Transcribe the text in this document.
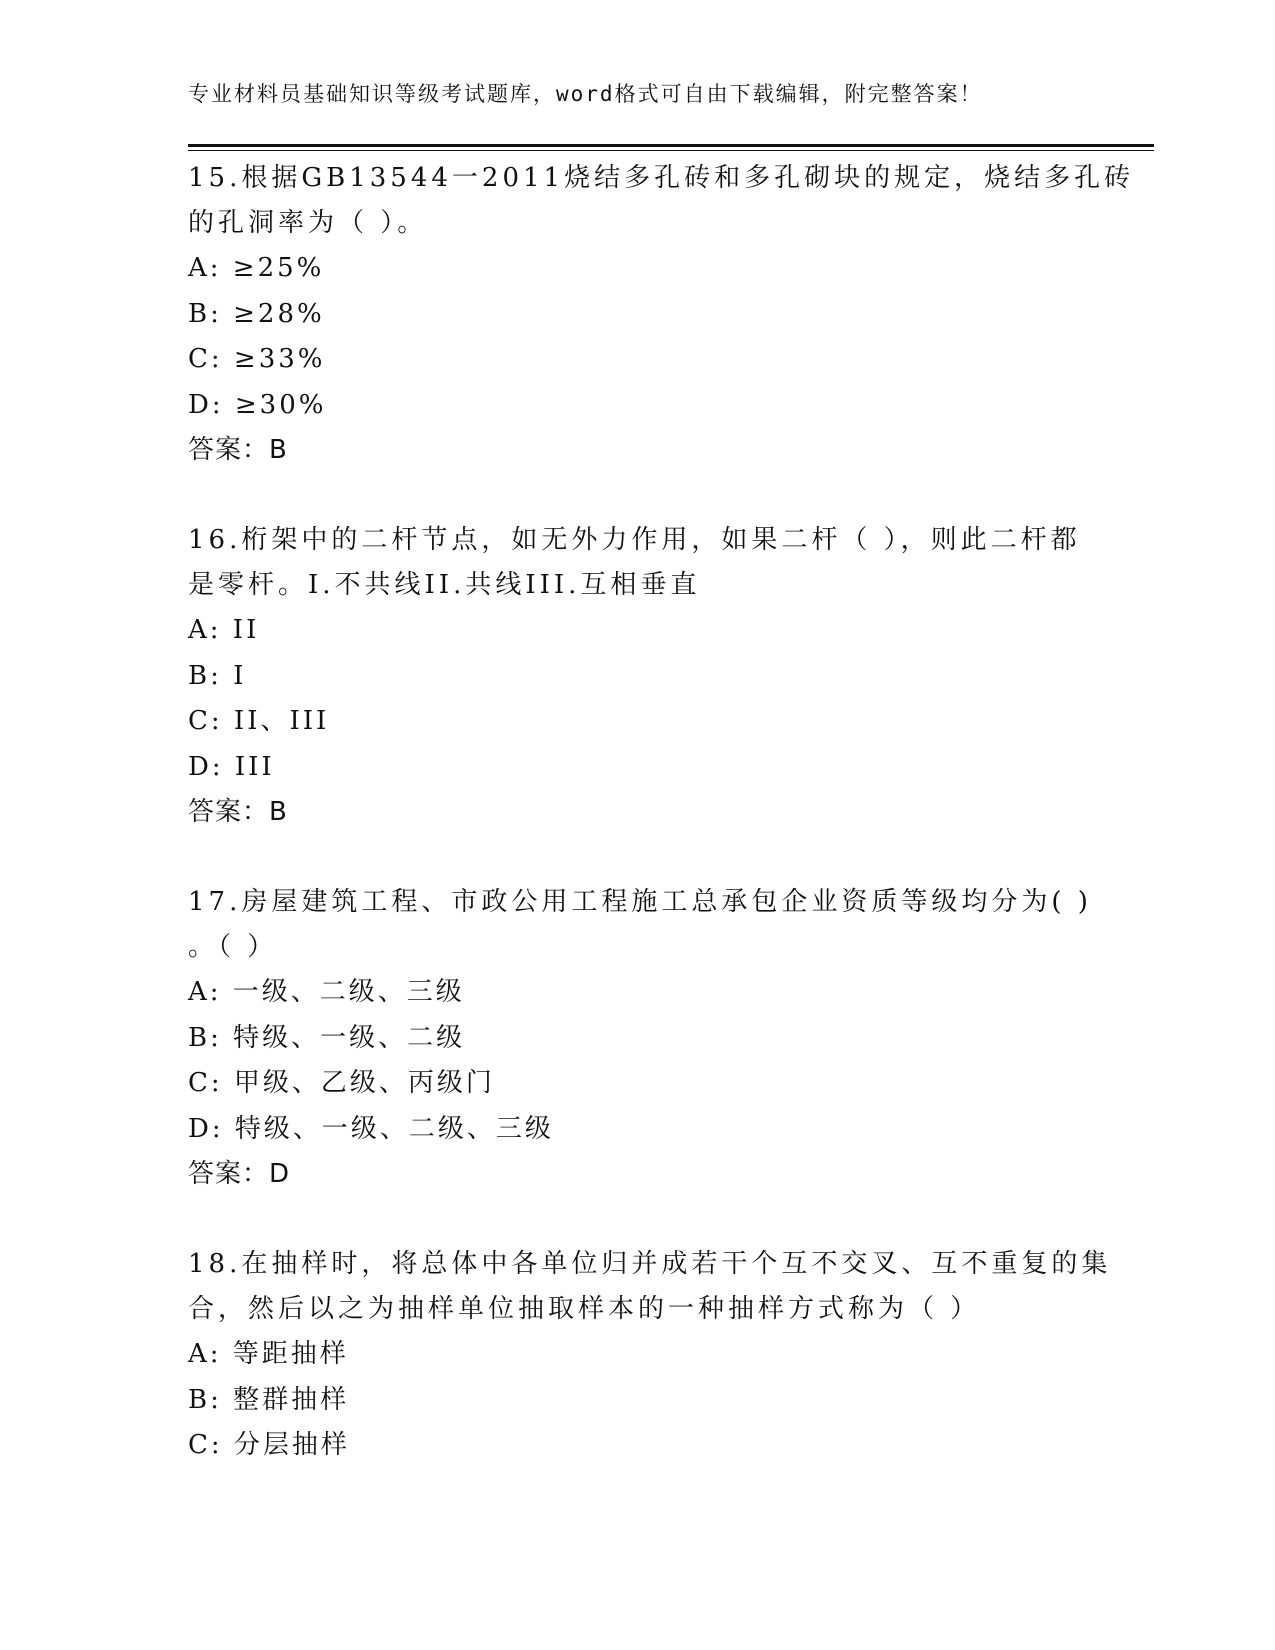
专业材料员基础知识等级考试题库，word格式可自由下载编辑，附完整答案！
15.根据GB13544一2011烧结多孔砖和多孔砌块的规定，烧结多孔砖
的孔洞率为（ ）。
A: ≥25%
B: ≥28%
C: ≥33%
D: ≥30%
答案：B
16.桁架中的二杆节点，如无外力作用，如果二杆（ ），则此二杆都
是零杆。I.不共线II.共线III.互相垂直
A: II
B: I
C: II、III
D: III
答案：B
17.房屋建筑工程、市政公用工程施工总承包企业资质等级均分为( )
。（ ）
A: 一级、二级、三级
B: 特级、一级、二级
C: 甲级、乙级、丙级门
D: 特级、一级、二级、三级
答案：D
18.在抽样时，将总体中各单位归并成若干个互不交叉、互不重复的集
合，然后以之为抽样单位抽取样本的一种抽样方式称为（ ）
A: 等距抽样
B: 整群抽样
C: 分层抽样
